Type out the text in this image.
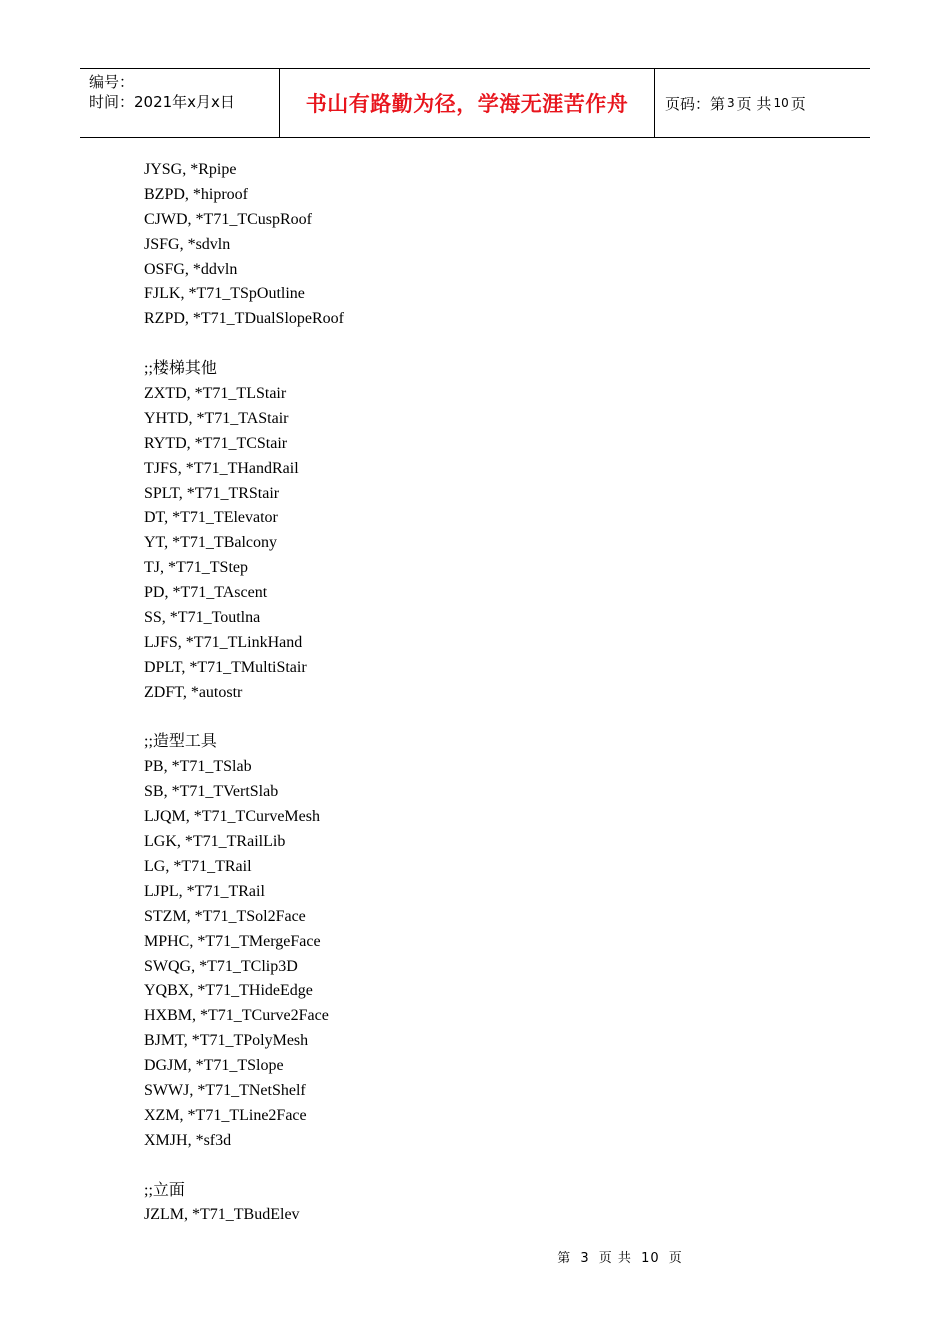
编号：
时间：2021年x月x日	书山有路勤为径，学海无涯苦作舟	页码：第 3 页 共 10 页
JYSG, *Rpipe
BZPD, *hiproof
CJWD, *T71_TCuspRoof
JSFG, *sdvln
OSFG, *ddvln
FJLK, *T71_TSpOutline
RZPD, *T71_TDualSlopeRoof
;;楼梯其他
ZXTD, *T71_TLStair
YHTD, *T71_TAStair
RYTD, *T71_TCStair
TJFS, *T71_THandRail
SPLT, *T71_TRStair
DT, *T71_TElevator
YT, *T71_TBalcony
TJ, *T71_TStep
PD, *T71_TAscent
SS, *T71_Toutlna
LJFS, *T71_TLinkHand
DPLT, *T71_TMultiStair
ZDFT, *autostr
;;造型工具
PB, *T71_TSlab
SB, *T71_TVertSlab
LJQM, *T71_TCurveMesh
LGK, *T71_TRailLib
LG, *T71_TRail
LJPL, *T71_TRail
STZM, *T71_TSol2Face
MPHC, *T71_TMergeFace
SWQG, *T71_TClip3D
YQBX, *T71_THideEdge
HXBM, *T71_TCurve2Face
BJMT, *T71_TPolyMesh
DGJM, *T71_TSlope
SWWJ, *T71_TNetShelf
XZM, *T71_TLine2Face
XMJH, *sf3d
;;立面
JZLM, *T71_TBudElev
第 3 页 共 10 页
